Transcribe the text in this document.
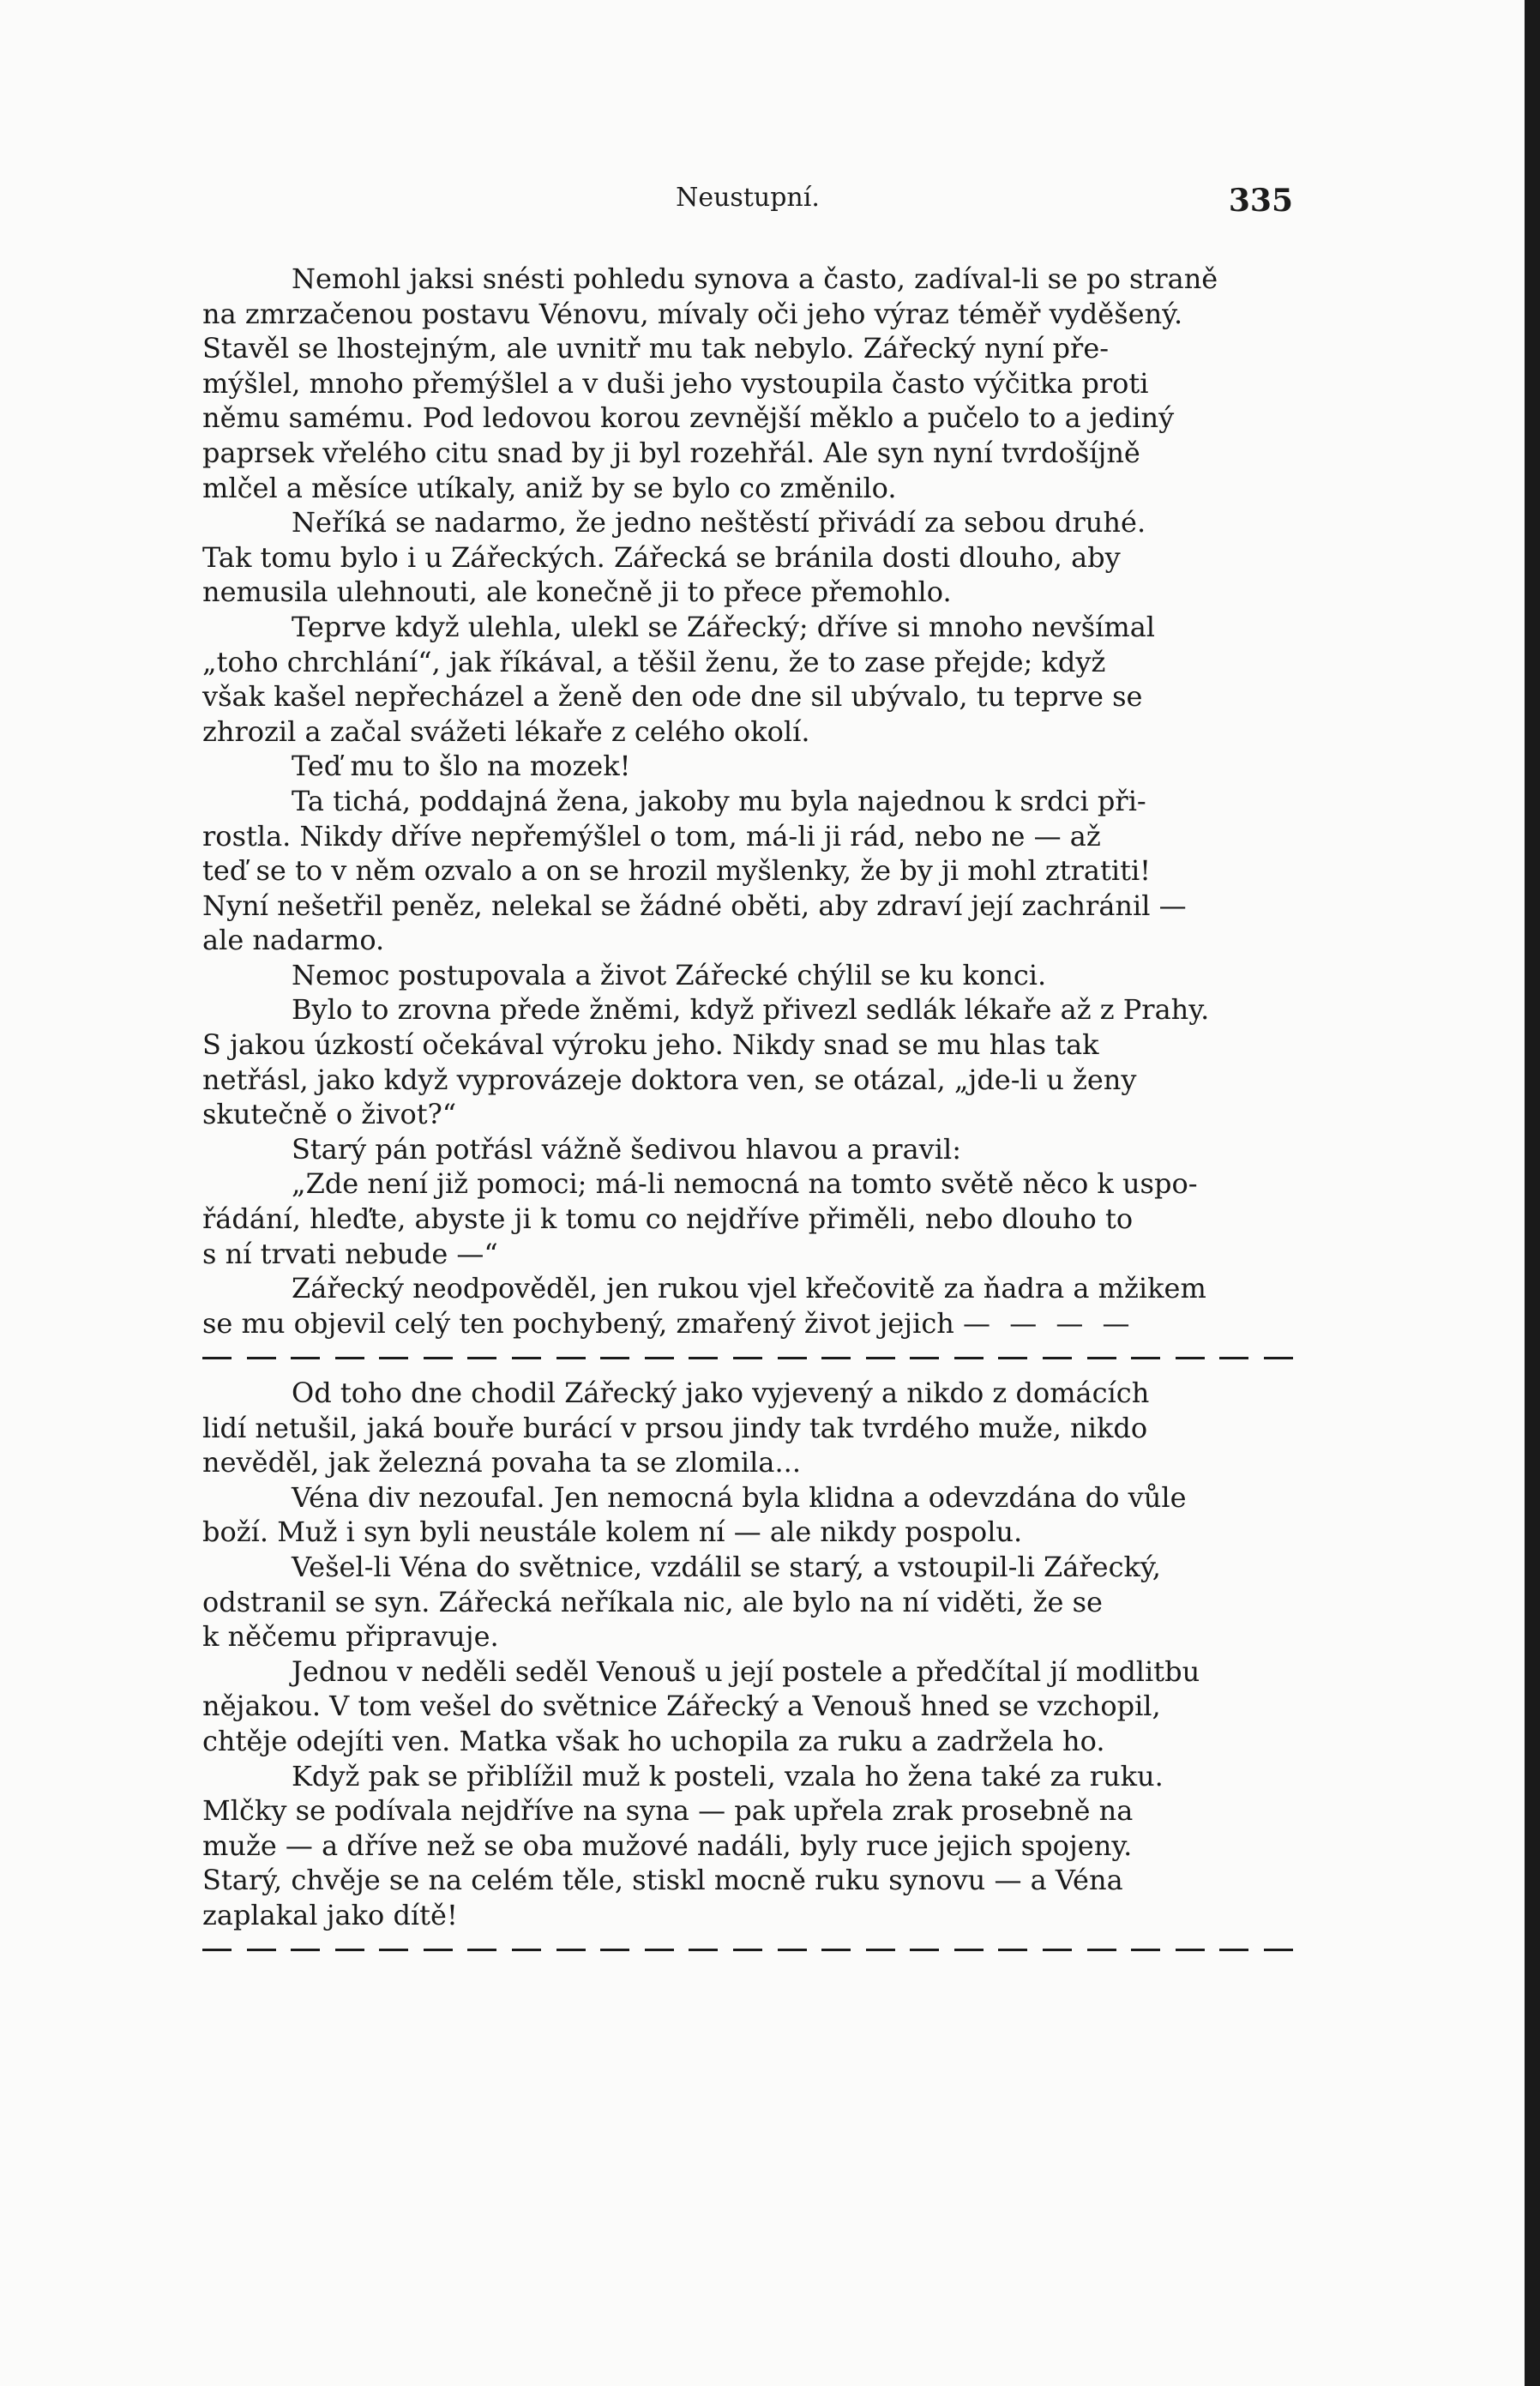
Neustupní.	335

Nemohl jaksi snésti pohledu synova a často, zadíval-li se po straně
na zmrzačenou postavu Vénovu, mívaly oči jeho výraz téměř vyděšený.
Stavěl se lhostejným, ale uvnitř mu tak nebylo. Zářecký nyní pře-
mýšlel, mnoho přemýšlel a v duši jeho vystoupila často výčitka proti
němu samému. Pod ledovou korou zevnější měklo a pučelo to a jediný
paprsek vřelého citu snad by ji byl rozehřál. Ale syn nyní tvrdošíjně
mlčel a měsíce utíkaly, aniž by se bylo co změnilo.

Neříká se nadarmo, že jedno neštěstí přivádí za sebou druhé.
Tak tomu bylo i u Zářeckých. Zářecká se bránila dosti dlouho, aby
nemusila ulehnouti, ale konečně ji to přece přemohlo.

Teprve když ulehla, ulekl se Zářecký; dříve si mnoho nevšímal
„toho chrchlání“, jak říkával, a těšil ženu, že to zase přejde; když
však kašel nepřecházel a ženě den ode dne sil ubývalo, tu teprve se
zhrozil a začal svážeti lékaře z celého okolí.

Teď mu to šlo na mozek!

Ta tichá, poddajná žena, jakoby mu byla najednou k srdci při-
rostla. Nikdy dříve nepřemýšlel o tom, má-li ji rád, nebo ne — až
teď se to v něm ozvalo a on se hrozil myšlenky, že by ji mohl ztratiti!
Nyní nešetřil peněz, nelekal se žádné oběti, aby zdraví její zachránil —
ale nadarmo.

Nemoc postupovala a život Zářecké chýlil se ku konci.

Bylo to zrovna přede žněmi, když přivezl sedlák lékaře až z Prahy.
S jakou úzkostí očekával výroku jeho. Nikdy snad se mu hlas tak
netřásl, jako když vyprovázeje doktora ven, se otázal, „jde-li u ženy
skutečně o život?“

Starý pán potřásl vážně šedivou hlavou a pravil:

„Zde není již pomoci; má-li nemocná na tomto světě něco k uspo-
řádání, hleďte, abyste ji k tomu co nejdříve přiměli, nebo dlouho to
s ní trvati nebude —“

Zářecký neodpověděl, jen rukou vjel křečovitě za ňadra a mžikem
se mu objevil celý ten pochybený, zmařený život jejich — — — —

Od toho dne chodil Zářecký jako vyjevený a nikdo z domácích
lidí netušil, jaká bouře burácí v prsou jindy tak tvrdého muže, nikdo
nevěděl, jak železná povaha ta se zlomila...

Véna div nezoufal. Jen nemocná byla klidna a odevzdána do vůle
boží. Muž i syn byli neustále kolem ní — ale nikdy pospolu.

Vešel-li Véna do světnice, vzdálil se starý, a vstoupil-li Zářecký,
odstranil se syn. Zářecká neříkala nic, ale bylo na ní viděti, že se
k něčemu připravuje.

Jednou v neděli seděl Venouš u její postele a předčítal jí modlitbu
nějakou. V tom vešel do světnice Zářecký a Venouš hned se vzchopil,
chtěje odejíti ven. Matka však ho uchopila za ruku a zadržela ho.

Když pak se přiblížil muž k posteli, vzala ho žena také za ruku.
Mlčky se podívala nejdříve na syna — pak upřela zrak prosebně na
muže — a dříve než se oba mužové nadáli, byly ruce jejich spojeny.
Starý, chvěje se na celém těle, stiskl mocně ruku synovu — a Véna
zaplakal jako dítě!
